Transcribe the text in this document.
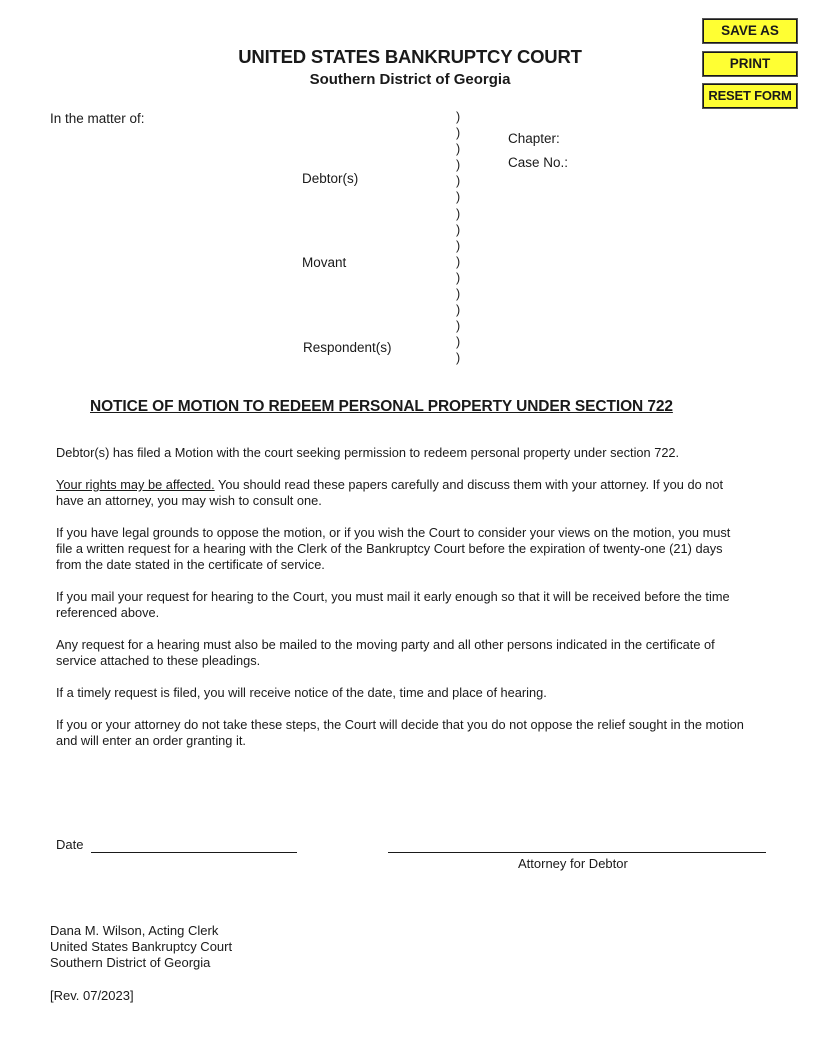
UNITED STATES BANKRUPTCY COURT
Southern District of Georgia
SAVE AS
PRINT
RESET FORM
In the matter of:
Debtor(s)
Movant
Respondent(s)
Chapter:
Case No.:
)
)
)
)
)
)
)
)
)
)
)
)
)
)
)
)
NOTICE OF MOTION TO REDEEM PERSONAL PROPERTY UNDER SECTION 722

Debtor(s) has filed a Motion with the court seeking permission to redeem personal property under section 722.

Your rights may be affected. You should read these papers carefully and discuss them with your attorney. If you do not have an attorney, you may wish to consult one.

If you have legal grounds to oppose the motion, or if you wish the Court to consider your views on the motion, you must file a written request for a hearing with the Clerk of the Bankruptcy Court before the expiration of twenty-one (21) days from the date stated in the certificate of service.

If you mail your request for hearing to the Court, you must mail it early enough so that it will be received before the time referenced above.

Any request for a hearing must also be mailed to the moving party and all other persons indicated in the certificate of service attached to these pleadings.

If a timely request is filed, you will receive notice of the date, time and place of hearing.

If you or your attorney do not take these steps, the Court will decide that you do not oppose the relief sought in the motion and will enter an order granting it.

Date
Attorney for Debtor
Dana M. Wilson, Acting Clerk
United States Bankruptcy Court
Southern District of Georgia
[Rev. 07/2023]
